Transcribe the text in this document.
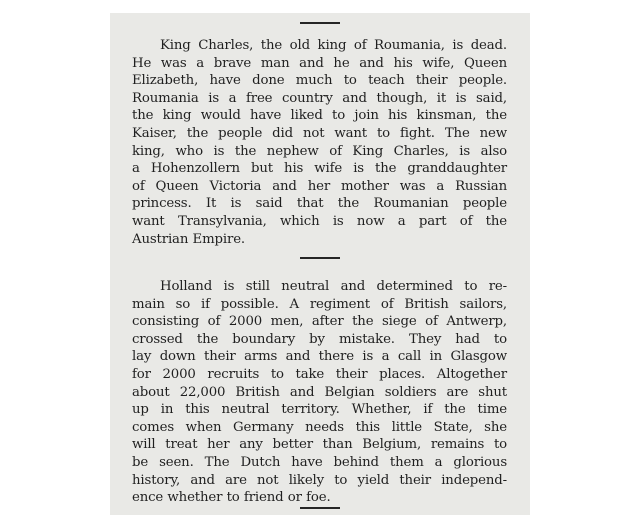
King Charles, the old king of Roumania, is dead.
He was a brave man and he and his wife, Queen
Elizabeth, have done much to teach their people.
Roumania is a free country and though, it is said,
the king would have liked to join his kinsman, the
Kaiser, the people did not want to fight. The new
king, who is the nephew of King Charles, is also
a Hohenzollern but his wife is the granddaughter
of Queen Victoria and her mother was a Russian
princess. It is said that the Roumanian people
want Transylvania, which is now a part of the
Austrian Empire.
Holland is still neutral and determined to re-
main so if possible. A regiment of British sailors,
consisting of 2000 men, after the siege of Antwerp,
crossed the boundary by mistake. They had to
lay down their arms and there is a call in Glasgow
for 2000 recruits to take their places. Altogether
about 22,000 British and Belgian soldiers are shut
up in this neutral territory. Whether, if the time
comes when Germany needs this little State, she
will treat her any better than Belgium, remains to
be seen. The Dutch have behind them a glorious
history, and are not likely to yield their independ-
ence whether to friend or foe.
